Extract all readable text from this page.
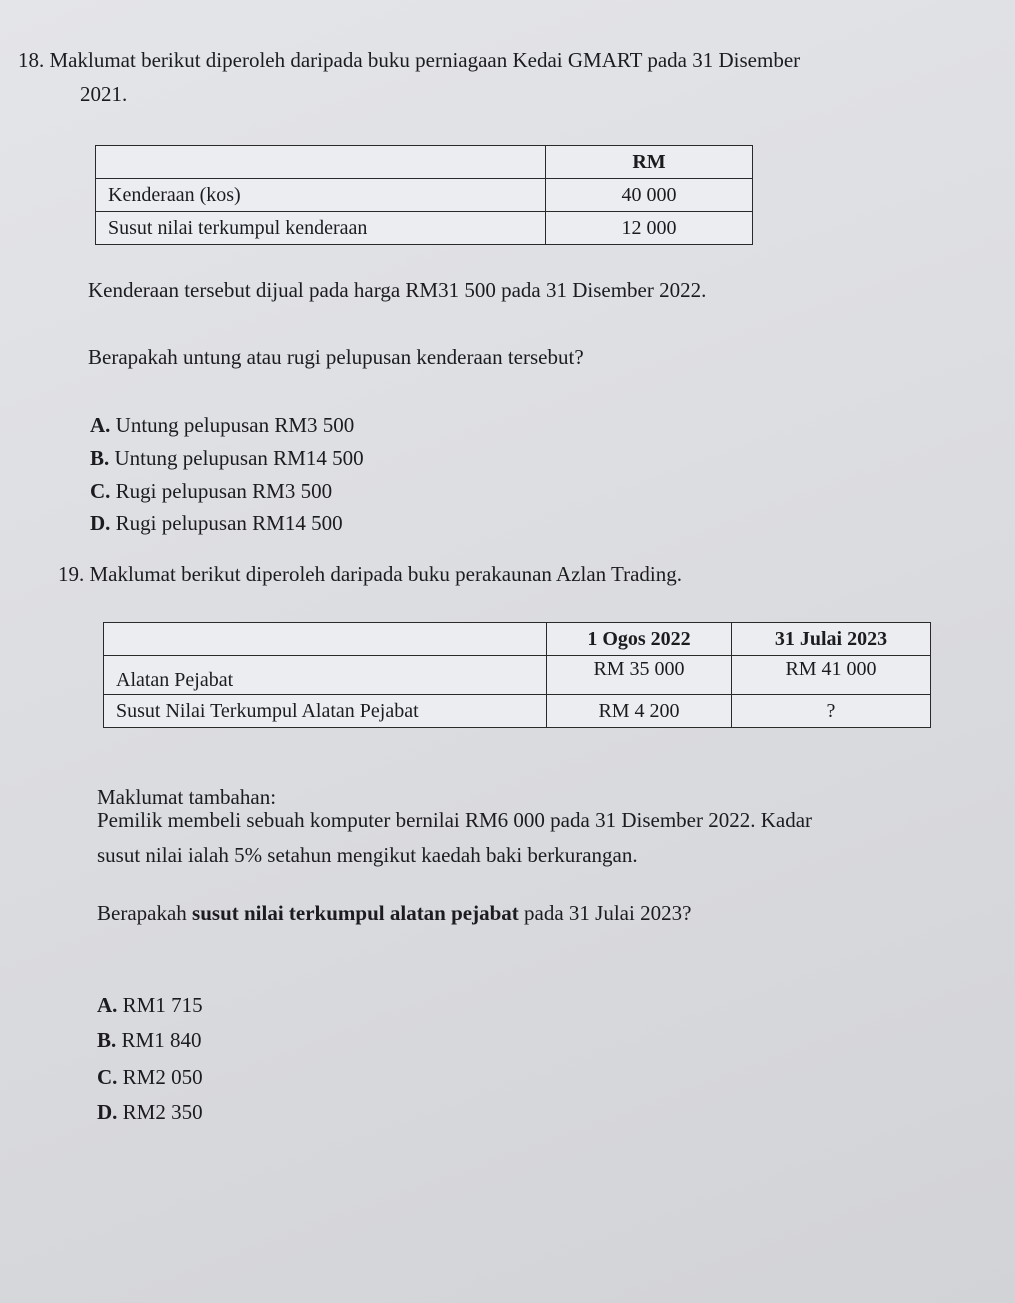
18. Maklumat berikut diperoleh daripada buku perniagaan Kedai GMART pada 31 Disember
2021.
	RM
Kenderaan (kos)	40 000
Susut nilai terkumpul kenderaan	12 000
Kenderaan tersebut dijual pada harga RM31 500 pada 31 Disember 2022.
Berapakah untung atau rugi pelupusan kenderaan tersebut?
A. Untung pelupusan RM3 500
B. Untung pelupusan RM14 500
C. Rugi pelupusan RM3 500
D. Rugi pelupusan RM14 500
19. Maklumat berikut diperoleh daripada buku perakaunan Azlan Trading.
	1 Ogos 2022	31 Julai 2023
Alatan Pejabat	RM 35 000	RM 41 000
Susut Nilai Terkumpul Alatan Pejabat	RM 4 200	?
Maklumat tambahan:
Pemilik membeli sebuah komputer bernilai RM6 000 pada 31 Disember 2022. Kadar
susut nilai ialah 5% setahun mengikut kaedah baki berkurangan.
Berapakah susut nilai terkumpul alatan pejabat pada 31 Julai 2023?
A. RM1 715
B. RM1 840
C. RM2 050
D. RM2 350
